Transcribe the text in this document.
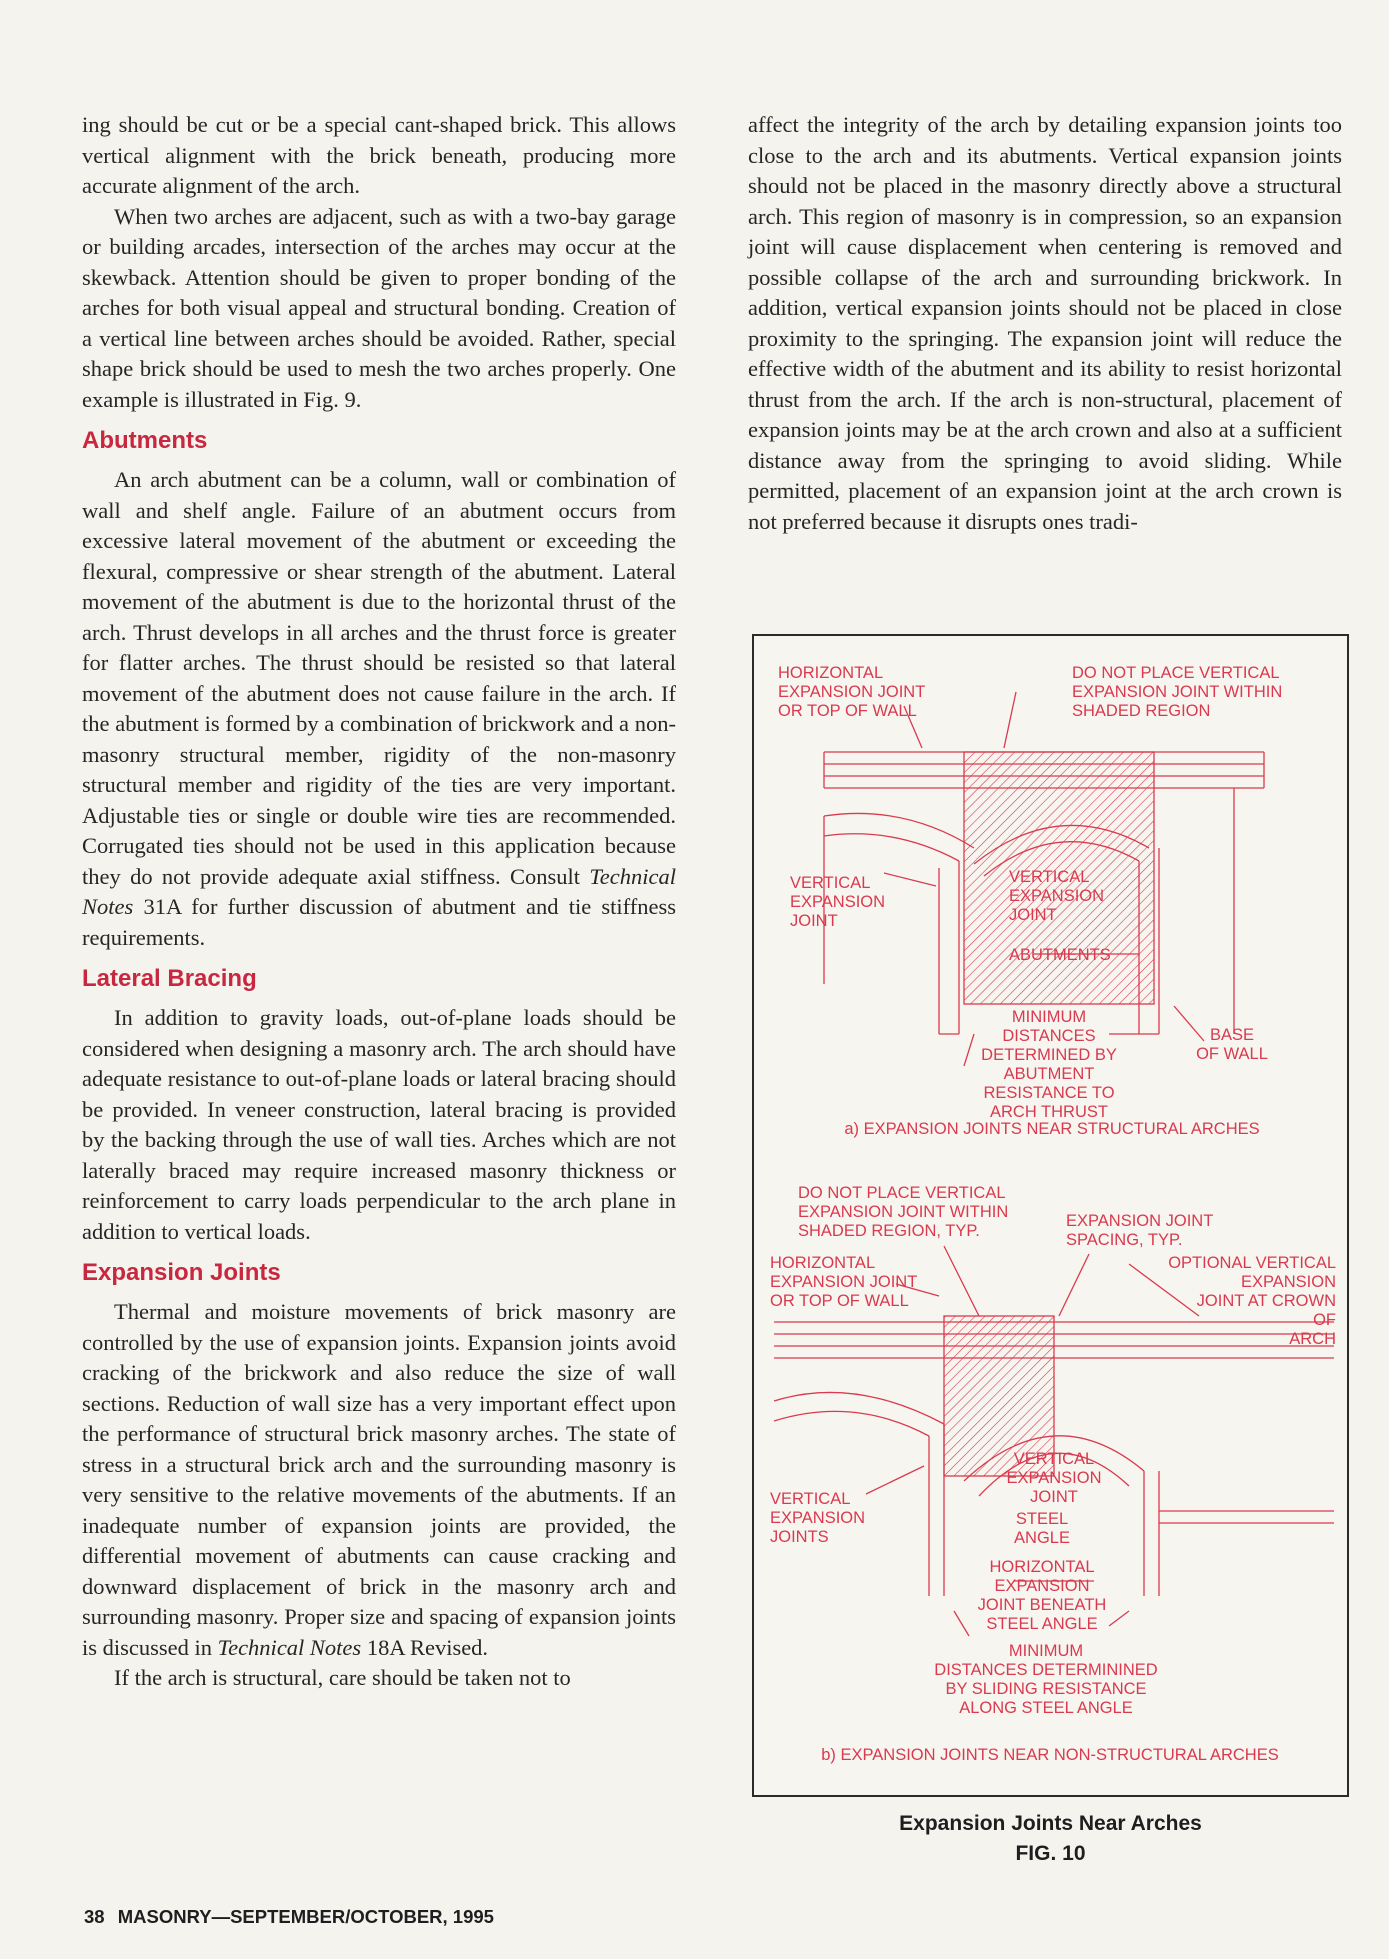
ing should be cut or be a special cant-shaped brick. This allows vertical alignment with the brick beneath, producing more accurate alignment of the arch.

When two arches are adjacent, such as with a two-bay garage or building arcades, intersection of the arches may occur at the skewback. Attention should be given to proper bonding of the arches for both visual appeal and structural bonding. Creation of a vertical line between arches should be avoided. Rather, special shape brick should be used to mesh the two arches properly. One example is illustrated in Fig. 9.

Abutments

An arch abutment can be a column, wall or combination of wall and shelf angle. Failure of an abutment occurs from excessive lateral movement of the abutment or exceeding the flexural, compressive or shear strength of the abutment. Lateral movement of the abutment is due to the horizontal thrust of the arch. Thrust develops in all arches and the thrust force is greater for flatter arches. The thrust should be resisted so that lateral movement of the abutment does not cause failure in the arch. If the abutment is formed by a combination of brickwork and a non-masonry structural member, rigidity of the non-masonry structural member and rigidity of the ties are very important. Adjustable ties or single or double wire ties are recommended. Corrugated ties should not be used in this application because they do not provide adequate axial stiffness. Consult Technical Notes 31A for further discussion of abutment and tie stiffness requirements.

Lateral Bracing

In addition to gravity loads, out-of-plane loads should be considered when designing a masonry arch. The arch should have adequate resistance to out-of-plane loads or lateral bracing should be provided. In veneer construction, lateral bracing is provided by the backing through the use of wall ties. Arches which are not laterally braced may require increased masonry thickness or reinforcement to carry loads perpendicular to the arch plane in addition to vertical loads.

Expansion Joints

Thermal and moisture movements of brick masonry are controlled by the use of expansion joints. Expansion joints avoid cracking of the brickwork and also reduce the size of wall sections. Reduction of wall size has a very important effect upon the performance of structural brick masonry arches. The state of stress in a structural brick arch and the surrounding masonry is very sensitive to the relative movements of the abutments. If an inadequate number of expansion joints are provided, the differential movement of abutments can cause cracking and downward displacement of brick in the masonry arch and surrounding masonry. Proper size and spacing of expansion joints is discussed in Technical Notes 18A Revised.

If the arch is structural, care should be taken not to

affect the integrity of the arch by detailing expansion joints too close to the arch and its abutments. Vertical expansion joints should not be placed in the masonry directly above a structural arch. This region of masonry is in compression, so an expansion joint will cause displacement when centering is removed and possible collapse of the arch and surrounding brickwork. In addition, vertical expansion joints should not be placed in close proximity to the springing. The expansion joint will reduce the effective width of the abutment and its ability to resist horizontal thrust from the arch. If the arch is non-structural, placement of expansion joints may be at the arch crown and also at a sufficient distance away from the springing to avoid sliding. While permitted, placement of an expansion joint at the arch crown is not preferred because it disrupts ones tradi-

HORIZONTAL EXPANSION JOINT OR TOP OF WALL
DO NOT PLACE VERTICAL EXPANSION JOINT WITHIN SHADED REGION
VERTICAL EXPANSION JOINT
VERTICAL EXPANSION JOINT
ABUTMENTS
MINIMUM DISTANCES DETERMINED BY ABUTMENT RESISTANCE TO ARCH THRUST
BASE OF WALL
a) EXPANSION JOINTS NEAR STRUCTURAL ARCHES
DO NOT PLACE VERTICAL EXPANSION JOINT WITHIN SHADED REGION, TYP.
EXPANSION JOINT SPACING, TYP.
HORIZONTAL EXPANSION JOINT OR TOP OF WALL
OPTIONAL VERTICAL EXPANSION JOINT AT CROWN OF ARCH
VERTICAL EXPANSION JOINT
VERTICAL EXPANSION JOINTS
STEEL ANGLE
HORIZONTAL EXPANSION JOINT BENEATH STEEL ANGLE
MINIMUM DISTANCES DETERMININED BY SLIDING RESISTANCE ALONG STEEL ANGLE
b) EXPANSION JOINTS NEAR NON-STRUCTURAL ARCHES
Expansion Joints Near Arches
FIG. 10
38 MASONRY—SEPTEMBER/OCTOBER, 1995
